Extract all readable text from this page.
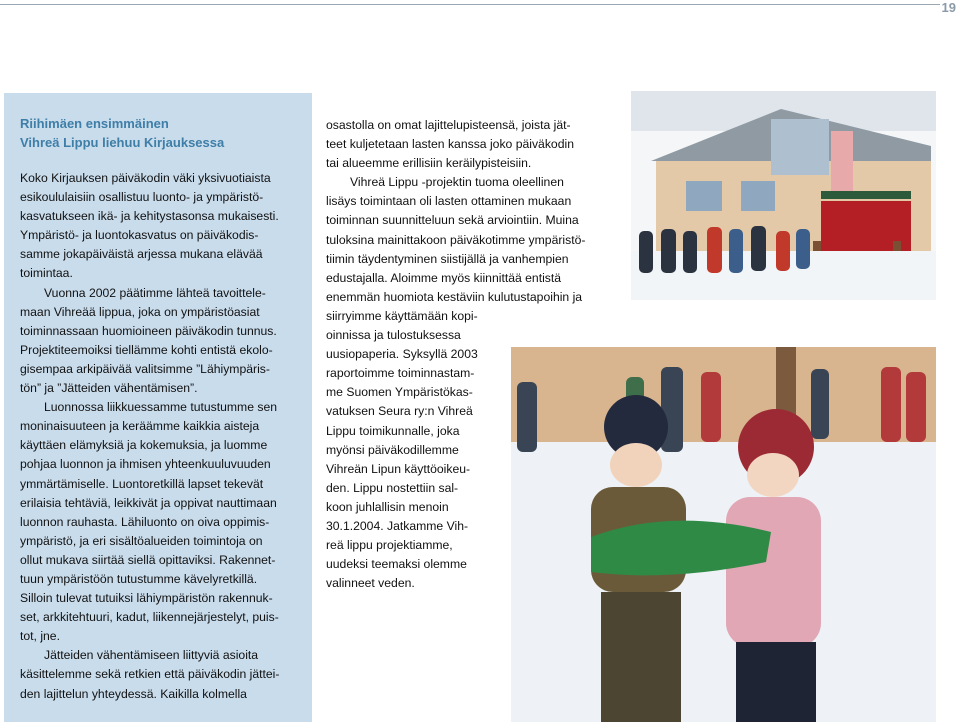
19
Riihimäen ensimmäinen
Vihreä Lippu liehuu Kirjauksessa

Koko Kirjauksen päiväkodin väki yksivuotiaista
esikoululaisiin osallistuu luonto- ja ympäristö-
kasvatukseen ikä- ja kehitystasonsa mukaisesti.
Ympäristö- ja luontokasvatus on päiväkodis-
samme jokapäiväistä arjessa mukana elävää
toimintaa.

Vuonna 2002 päätimme lähteä tavoittele-
maan Vihreää lippua, joka on ympäristöasiat
toiminnassaan huomioineen päiväkodin tunnus.
Projektiteemoiksi tiellämme kohti entistä ekolo-
gisempaa arkipäivää valitsimme ”Lähiympäris-
tön” ja ”Jätteiden vähentämisen”.

Luonnossa liikkuessamme tutustumme sen
moninaisuuteen ja keräämme kaikkia aisteja
käyttäen elämyksiä ja kokemuksia, ja luomme
pohjaa luonnon ja ihmisen yhteenkuuluvuuden
ymmärtämiselle. Luontoretkillä lapset tekevät
erilaisia tehtäviä, leikkivät ja oppivat nauttimaan
luonnon rauhasta. Lähiluonto on oiva oppimis-
ympäristö, ja eri sisältöalueiden toimintoja on
ollut mukava siirtää siellä opittaviksi. Rakennet-
tuun ympäristöön tutustumme kävelyretkillä.
Silloin tulevat tutuiksi lähiympäristön rakennuk-
set, arkkitehtuuri, kadut, liikennejärjestelyt, puis-
tot, jne.

Jätteiden vähentämiseen liittyviä asioita
käsittelemme sekä retkien että päiväkodin jättei-
den lajittelun yhteydessä. Kaikilla kolmella

osastolla on omat lajittelupisteensä, joista jät-
teet kuljetetaan lasten kanssa joko päiväkodin
tai alueemme erillisiin keräilypisteisiin.

Vihreä Lippu -projektin tuoma oleellinen
lisäys toimintaan oli lasten ottaminen mukaan
toiminnan suunnitteluun sekä arviointiin. Muina
tuloksina mainittakoon päiväkotimme ympäristö-
tiimin täydentyminen siistijällä ja vanhempien
edustajalla. Aloimme myös kiinnittää entistä
enemmän huomiota kestäviin kulutustapoihin ja
siirryimme käyttämään kopi-
oinnissa ja tulostuksessa
uusiopaperia. Syksyllä 2003
raportoimme toiminnastam-
me Suomen Ympäristökas-
vatuksen Seura ry:n Vihreä
Lippu toimikunnalle, joka
myönsi päiväkodillemme
Vihreän Lipun käyttöoikeu-
den. Lippu nostettiin sal-
koon juhlallisin menoin
30.1.2004. Jatkamme Vih-
reä lippu projektiamme,
uudeksi teemaksi olemme
valinneet veden.
